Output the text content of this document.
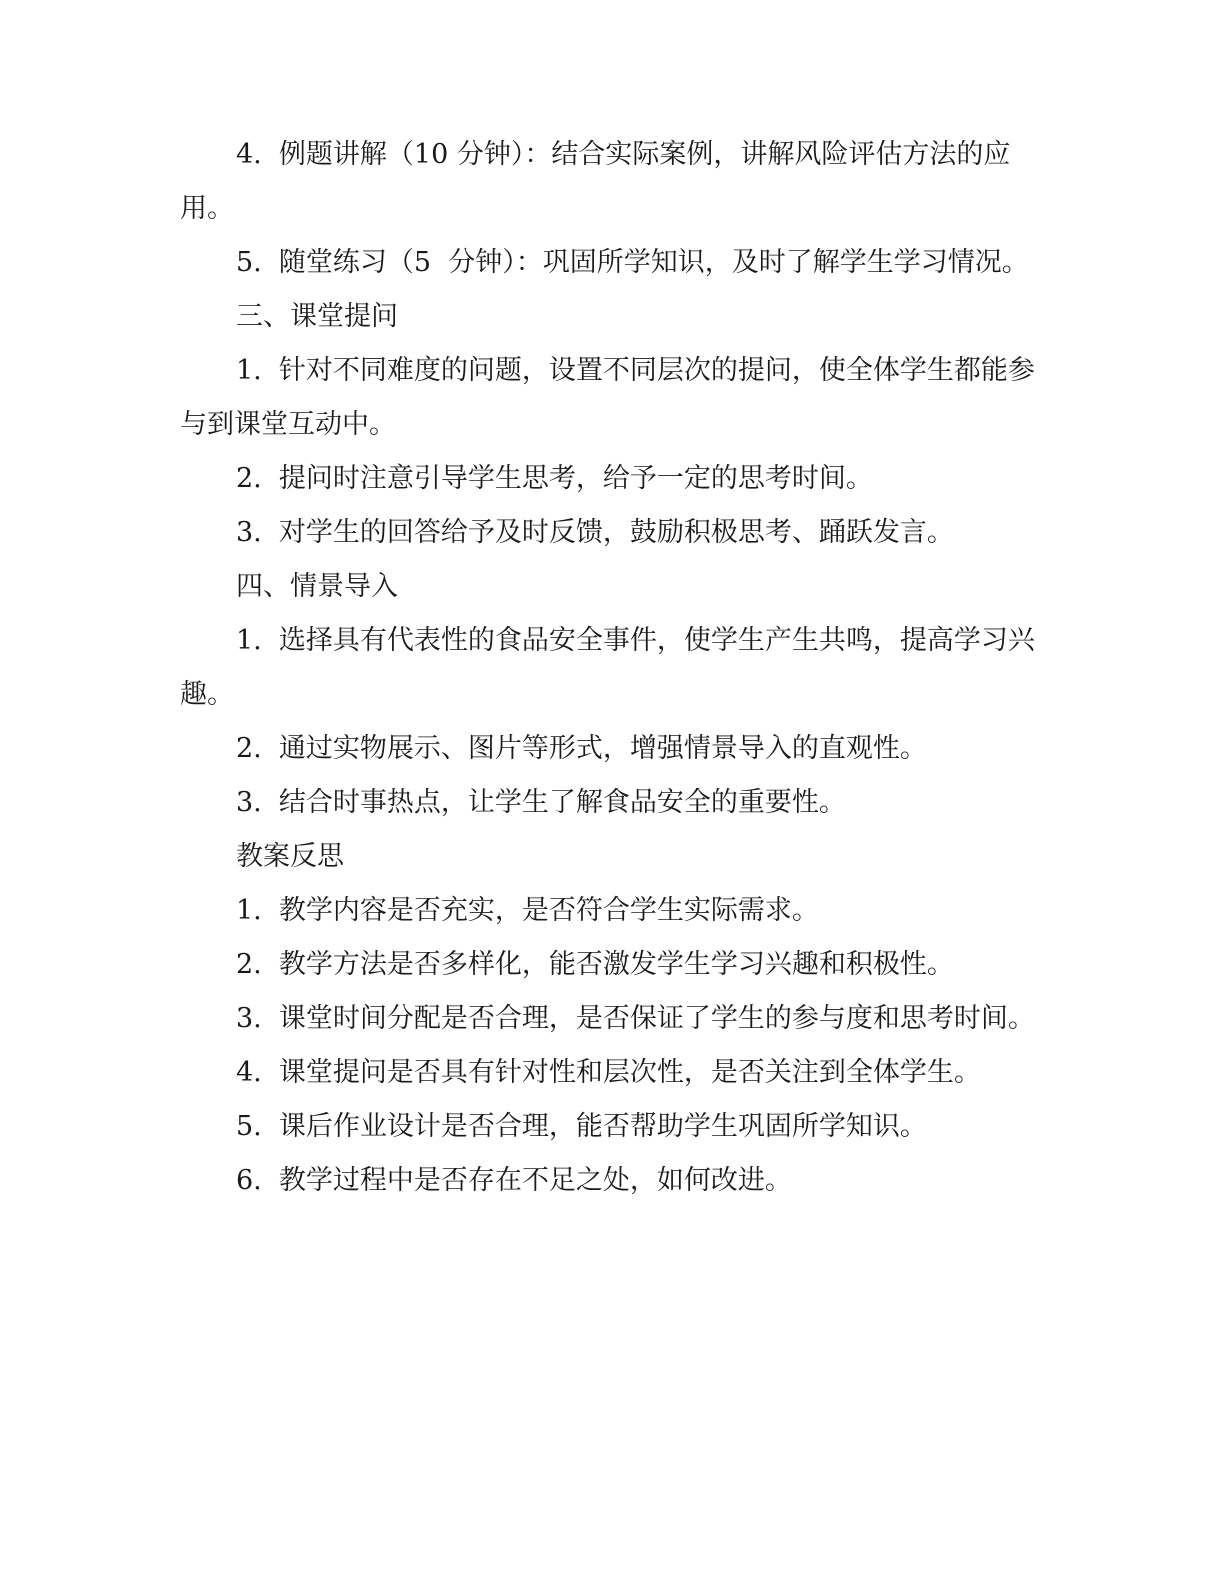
4.  例题讲解（10 分钟）：结合实际案例，讲解风险评估方法的应用。

5.  随堂练习（5  分钟）：巩固所学知识，及时了解学生学习情况。

三、课堂提问

1.  针对不同难度的问题，设置不同层次的提问，使全体学生都能参与到课堂互动中。

2.  提问时注意引导学生思考，给予一定的思考时间。

3.  对学生的回答给予及时反馈，鼓励积极思考、踊跃发言。

四、情景导入

1.  选择具有代表性的食品安全事件，使学生产生共鸣，提高学习兴趣。

2.  通过实物展示、图片等形式，增强情景导入的直观性。

3.  结合时事热点，让学生了解食品安全的重要性。

教案反思

1.  教学内容是否充实，是否符合学生实际需求。

2.  教学方法是否多样化，能否激发学生学习兴趣和积极性。

3.  课堂时间分配是否合理，是否保证了学生的参与度和思考时间。

4.  课堂提问是否具有针对性和层次性，是否关注到全体学生。

5.  课后作业设计是否合理，能否帮助学生巩固所学知识。

6.  教学过程中是否存在不足之处，如何改进。
